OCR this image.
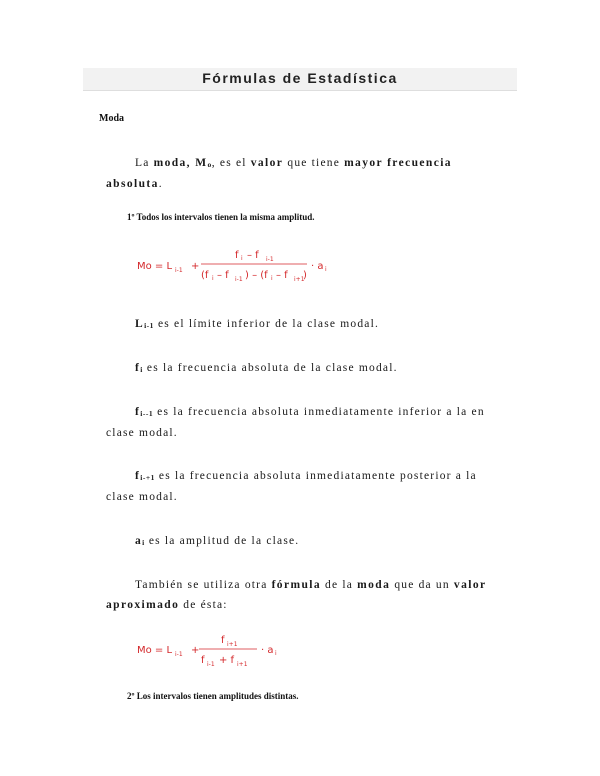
Fórmulas de Estadística
Moda
La moda, Mo, es el valor que tiene mayor frecuencia absoluta.
1º Todos los intervalos tienen la misma amplitud.
Mo = L i-1 +
f i – f i-1
(f i – f i-1 ) – (f i – f i+1
)
· a i
Li-1 es el límite inferior de la clase modal.
fi es la frecuencia absoluta de la clase modal.
fi--1 es la frecuencia absoluta inmediatamente inferior a la en clase modal.
fi-+1 es la frecuencia absoluta inmediatamente posterior a la clase modal.
ai es la amplitud de la clase.
También se utiliza otra fórmula de la moda que da un valor aproximado de ésta:
Mo = L i-1 +
f i+1
f i-1 + f i+1
· a i
2º Los intervalos tienen amplitudes distintas.
